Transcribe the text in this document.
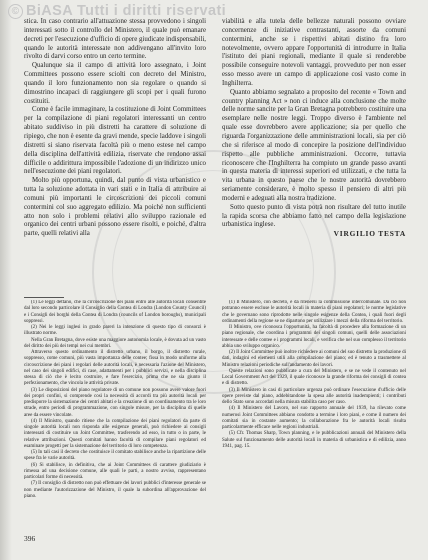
© BiASA Tutti i diritti riservati

stica. In caso contrario all'attuazione stessa provvedono i singoli interessati sotto il controllo del Ministero, il quale può emanare decreti per l'esecuzione d'ufficio di opere giudicate indispensabili, quando le autorità interessate non addivengano all'invito loro rivolto di darvi corso entro un certo termine.

Qualunque sia il campo di attività loro assegnato, i Joint Committees possono essere sciolti con decreto del Ministro, quando il loro funzionamento non sia regolare o quando si dimostrino incapaci di raggiungere gli scopi per i quali furono costituiti.

Come è facile immaginare, la costituzione di Joint Committees per la compilazione di piani regolatori interessanti un centro abitato suddiviso in più distretti ha carattere di soluzione di ripiego, che non è esente da gravi mende, specie laddove i singoli distretti si siano riservata facoltà più o meno estese nel campo della disciplina dell'attività edilizia, riservate che rendono assai difficile o addirittura impossibile l'adozione di un indirizzo unico nell'esecuzione dei piani regolatori.

Molto più opportuna, quindi, dal punto di vista urbanistico e tutta la soluzione adottata in vari stati e in Italia di attribuire ai comuni più importanti le circoscrizioni dei piccoli comuni contermini col suo aggregato edilizio. Ma poiché non sufficienti atto non solo i problemi relativi allo sviluppo razionale ed organico dei centri urbani possono essere risolti, e poiché, d'altra parte, quelli relativi alla

viabilità e alla tutela delle bellezze naturali possono ovviare concernenze di iniziative contrastanti, assorte da comuni contermini, anche se i rispettivi abitati distino fra loro notevolmente, ovvero appare l'opportunità di introdurre in Italia l'istituto dei piani regionali, mediante il quale si renderebbe possibile conseguire notevoli vantaggi, provveduto per non esser esso messo avere un campo di applicazione così vasto come in Inghilterra.

Quanto abbiamo segnalato a proposito del recente « Town and country planning Act » non ci induce alla conclusione che molte delle norme sancite per la Gran Bretagna potrebbero costituire una esemplare nelle nostre leggi. Troppo diverso è l'ambiente nel quale esse dovrebbero avere applicazione; sia per quello che riguarda l'organizzazione delle amministrazioni locali, sia per ciò che si riferisce al modo di concepire la posizione dell'individuo rispetto alle pubbliche amministrazioni. Occorre, tuttavia riconoscere che l'Inghilterra ha compiuto un grande passo avanti in questa materia di interessi superiori ed utilizzati, e che tutta la vita urbana in questo paese che le nostre autorità dovrebbero seriamente considerare, è molto spesso il pensiero di altri più moderni e adeguati alla nostra tradizione.

Sotto questo punto di vista potrà non risultare del tutto inutile la rapida scorsa che abbiamo fatto nel campo della legislazione urbanistica inglese.

VIRGILIO TESTA

(1) Le leggi dettano, che la circoscrizione dei piani entro alle autorità locali consentite dal loro secondo particolare il Consiglio della Contea di Londra (London County Council) e i Consigli dei borghi della Contea di Londra (councils of London boroughs), municipali soppressi.

(2) Nei le leggi inglesi in grado pareri la intenzione di questo tipo di consorzi è illustrato norme.

Nella Gran Bretagna, dove esiste una maggiore autonomia locale, è dovuta ad un vasto del diritto dei più dei tempi nei cui membri.

Attraverso questo ordinamento il distretto urbano, il borgo, il distretto rurale, soppresso, come comuni, più vasta importanza delle contee; fissa in modo uniforme alla circoscrizione dei piani i regolari delle autorità locali, è necessaria l'azione del Ministero, nel caso dei singoli edifici, di case, adattamenti per i pubblici servizi, e nella disciplina stessa di ciò che è lecito costruire, e fare l'esercizio, prima che ne sia giunto il perfezionamento, che vincola le attività private.

(3) Le disposizioni del piano regolatore di un comune non possono avere valore fuori dei propri confini, si comprende così la necessità di accordi tra più autorità locali per predisporre la sistemazione dei centri abitati e la creazione di un coordinamento tra le loro strade, entro periodi di programmazione, con singole misure, per la disciplina di quelle aree da essere vincolate.

(4) Il Ministro, quando ritiene che la compilazione dei piani regolatori da parte di singole autorità locali non risponda alle esigenze generali, può richiedere ai consigli interessati di costituire un Joint Committee, trasferendo ad esso, in tutto o in parte, le relative attribuzioni. Questi comitati hanno facoltà di compilare piani regolatori ed esaminare progetti per la sistemazione del territorio di loro competenza.

(5) In tali casi il decreto che costituisce il comitato stabilisce anche la ripartizione delle spese fra le varie autorità.

(6) Si stabilisce, in definitiva, che ai Joint Committees di carattere giudiziario è rimessa ad una decisione comune, alle quali le parti, a nostro avviso, rappresentano particolari forme di necessità.

(7) Il consiglio di distretto non può effettuare dei lavori pubblici d'interesse generale se non mediante l'autorizzazione del Ministro, il quale la subordina all'approvazione del piano.

(1) Il Ministero, con decreto, è da ritenersi la commissione intercomunale. Da ciò non potranno essere escluse le autorità locali in materia di piani regolatori; le norme legislative che le governano sono riprodotte nelle singole esigenze della Contea, i quali fuori degli ordinamenti della regione se ne dipartono per utilizzare i mezzi della riforma del territorio.

Il Ministro, ove riconosca l'opportunità, ha facoltà di procedere alla formazione di un piano regionale, che coordina i programmi dei singoli comuni, quelli delle associazioni interessate e delle contee e i programmi locali, e verifica che nel suo complesso il territorio abbia uno sviluppo organico.

(2) Il Joint Committee può inoltre richiedere ai comuni del suo distretto la produzione di dati, indagini ed elementi utili alla compilazione del piano; ed è tenuto a trasmettere al Ministro relazioni periodiche sull'andamento dei lavori.

Queste relazioni sono pubblicate a cura del Ministero, e se ne vede il contenuto nel Local Government Act del 1929, il quale riconosce la grande riforma dei consigli di contea e di distretto.

(3) Il Ministero in casi di particolare urgenza può ordinare l'esecuzione d'ufficio delle opere previste dal piano, addebitandone la spesa alle autorità inadempienti; i contributi dello Stato sono accordati nella misura stabilita caso per caso.

(4) Il Ministero del Lavoro, nel suo rapporto annuale del 1939, ha rilevato come numerosi Joint Committees abbiano condotto a termine i loro piani, e come il numero dei comitati sia in costante aumento; la collaborazione fra le autorità locali risulta particolarmente efficace nelle regioni industriali.

(5) Cfr. Thomas Sharp, Town planning, e le pubblicazioni annuali del Ministero della Salute sul funzionamento delle autorità locali in materia di urbanistica e di edilizia, anno 1941, pag. 15.

396
